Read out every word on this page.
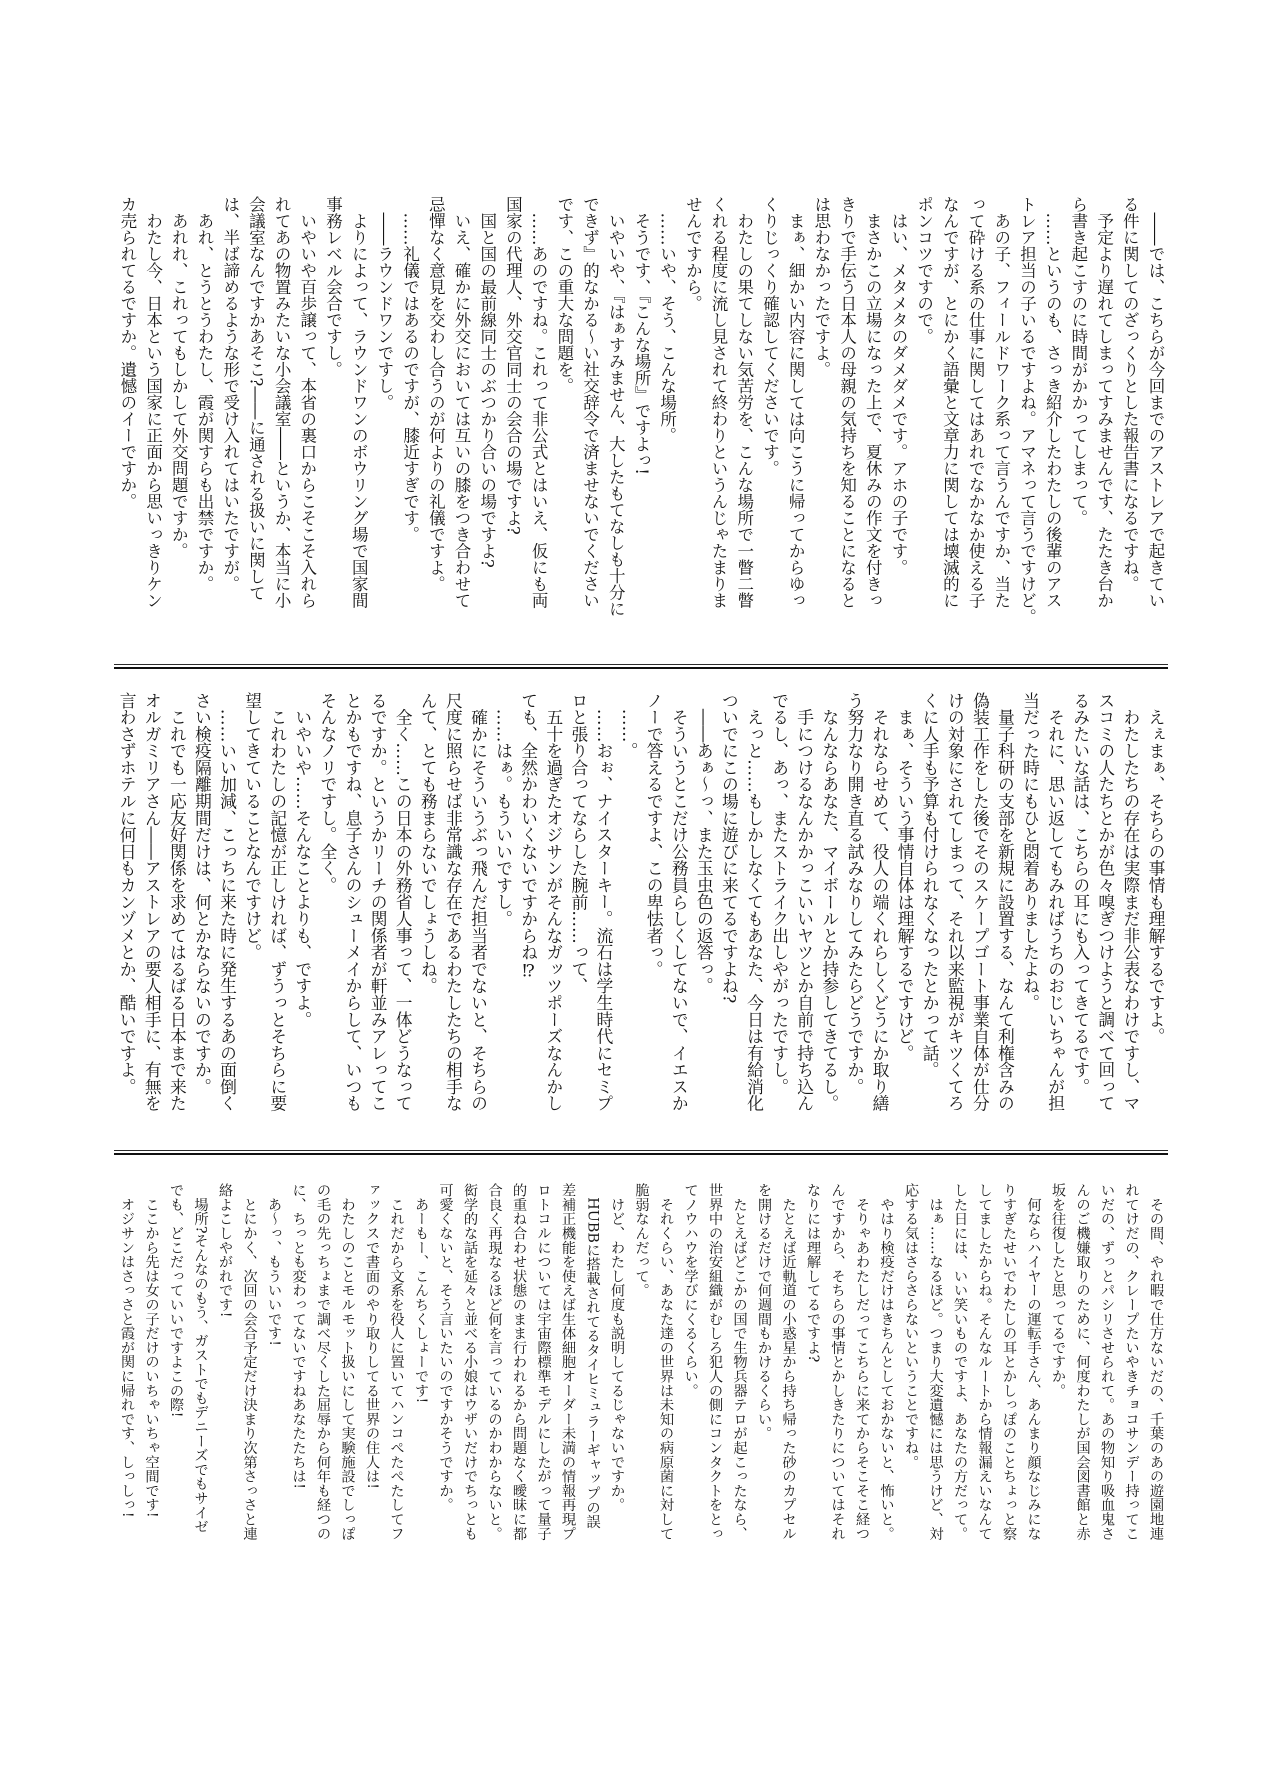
　――では、こちらが今回までのアストレアで起きてい

る件に関してのざっくりとした報告書になるですね。

　予定より遅れてしまってすみませんです、たたき台か

ら書き起こすのに時間がかかってしまって。

　……というのも、さっき紹介したわたしの後輩のアス

トレア担当の子いるですよね。アマネって言うですけど。

　あの子、フィールドワーク系って言うんですか、当た

って砕ける系の仕事に関してはあれでなかなか使える子

なんですが、とにかく語彙と文章力に関しては壊滅的に

ポンコツですので。

　はい、メタメタのダメダメです。アホの子です。

　まさかこの立場になった上で、夏休みの作文を付きっ

きりで手伝う日本人の母親の気持ちを知ることになると

は思わなかったですよ。

　まぁ、細かい内容に関しては向こうに帰ってからゆっ

くりじっくり確認してくださいです。

　わたしの果てしない気苦労を、こんな場所で一瞥二瞥

くれる程度に流し見されて終わりというんじゃたまりま

せんですから。

　……いや、そう、こんな場所。

　そうです、『こんな場所』ですよっ!

　いやいや、『はぁすみません、大したもてなしも十分に

できず』的なかる〜い社交辞令で済ませないでください

です、この重大な問題を。

　……あのですね。これって非公式とはいえ、仮にも両

国家の代理人、外交官同士の会合の場ですよ?

　国と国の最前線同士のぶつかり合いの場ですよ?

　いえ、確かに外交においては互いの膝をつき合わせて

忌憚なく意見を交わし合うのが何よりの礼儀ですよ。

　……礼儀ではあるのですが、膝近すぎです。

　――ラウンドワンですし。

　よりによって、ラウンドワンのボウリング場で国家間

事務レベル会合ですし。

　いやいや百歩譲って、本省の裏口からこそこそ入れら

れてあの物置みたいな小会議室――というか、本当に小

会議室なんですかあそこ?――に通される扱いに関して

は、半ば諦めるような形で受け入れてはいたですが。

　あれ、とうとうわたし、霞が関すらも出禁ですか。

　あれれ、これってもしかして外交問題ですか。

　わたし今、日本という国家に正面から思いっきりケン

カ売られてるですか。遺憾のイーですか。

　えぇまぁ、そちらの事情も理解するですよ。

　わたしたちの存在は実際まだ非公表なわけですし、マ

スコミの人たちとかが色々嗅ぎつけようと調べて回って

るみたいな話は、こちらの耳にも入ってきてるです。

　それに、思い返してもみればうちのおじいちゃんが担

当だった時にもひと悶着ありましたよね。

　量子科研の支部を新規に設置する、なんて利権含みの

偽装工作をした後でそのスケープゴート事業自体が仕分

けの対象にされてしまって、それ以来監視がキツくてろ

くに人手も予算も付けられなくなったとかって話。

　まぁ、そういう事情自体は理解するですけど。

　それならせめて、役人の端くれらしくどうにか取り繕

う努力なり開き直る試みなりしてみたらどうですか。

　なんならあなた、マイボールとか持参してきてるし。

　手につけるなんかかっこいいヤツとか自前で持ち込ん

でるし、あっ、またストライク出しやがったですし。

　えっと……もしかしなくてもあなた、今日は有給消化

ついでにこの場に遊びに来てるですよね?

　――あぁ〜っ、また玉虫色の返答っ。

　そういうとこだけ公務員らしくしてないで、イエスか

ノーで答えるですよ、この卑怯者っ。

　……。

　……おぉ、ナイスターキー。流石は学生時代にセミプ

ロと張り合ってならした腕前……って、

　五十を過ぎたオジサンがそんなガッツポーズなんかし

ても、全然かわいくないですからね⁉

　……はぁ。もういいですし。

　確かにそういうぶっ飛んだ担当者でないと、そちらの

尺度に照らせば非常識な存在であるわたしたちの相手な

んて、とても務まらないでしょうしね。

　全く……この日本の外務省人事って、一体どうなって

るですか。というかリーチの関係者が軒並みアレってこ

とかもですね、息子さんのシューメイからして、いつも

そんなノリですし。全く。

　いやいや……そんなことよりも、ですよ。

　これわたしの記憶が正しければ、ずうっとそちらに要

望してきていることなんですけど。

　……いい加減、こっちに来た時に発生するあの面倒く

さい検疫隔離期間だけは、何とかならないのですか。

　これでも一応友好関係を求めてはるばる日本まで来た

オルガミリアさん――アストレアの要人相手に、有無を

言わさずホテルに何日もカンヅメとか、酷いですよ。

　その間、やれ暇で仕方ないだの、千葉のあの遊園地連

れてけだの、クレープたいやきチョコサンデー持ってこ

いだの、ずっとパシリさせられて。あの物知り吸血鬼さ

んのご機嫌取りのために、何度わたしが国会図書館と赤

坂を往復したと思ってるですか。

　何ならハイヤーの運転手さん、あんまり顔なじみにな

りすぎたせいでわたしの耳とかしっぽのことちょっと察

してましたからね。そんなルートから情報漏えいなんて

した日には、いい笑いものですよ、あなたの方だって。

　はぁ……なるほど。つまり大変遺憾には思うけど、対

応する気はさらさらないということですね。

　やはり検疫だけはきちんとしておかないと、怖いと。

　そりゃあわたしだってこちらに来てからそこそこ経つ

んですから、そちらの事情とかしきたりについてはそれ

なりには理解してるですよ?

　たとえば近軌道の小惑星から持ち帰った砂のカプセル

を開けるだけで何週間もかけるくらい。

　たとえばどこかの国で生物兵器テロが起こったなら、

世界中の治安組織がむしろ犯人の側にコンタクトをとっ

てノウハウを学びにくるくらい。

　それくらい、あなた達の世界は未知の病原菌に対して

脆弱なんだって。

　けど、わたし何度も説明してるじゃないですか。

　HUBBに搭載されてるタイヒミュラーギャップの誤

差補正機能を使えば生体細胞オーダー未満の情報再現プ

ロトコルについては宇宙際標準モデルにしたがって量子

的重ね合わせ状態のまま行われるから問題なく曖昧に都

合良く再現なるほど何を言っているのかわからないと。

衒学的な話を延々と並べる小娘はウザいだけでちっとも

可愛くないと、そう言いたいのですかそうですか。

　あーもー、こんちくしょーです!

　これだから文系を役人に置いてハンコぺたぺたしてフ

ァックスで書面のやり取りしてる世界の住人は!

　わたしのことモルモット扱いにして実験施設でしっぽ

の毛の先っちょまで調べ尽くした屈辱から何年も経つの

に、ちっとも変わってないですねあなたたちは!

　あ〜っ、もういいです!

　とにかく、次回の会合予定だけ決まり次第さっさと連

絡よこしやがれです!

　場所?そんなのもう、ガストでもデニーズでもサイゼ

でも、どこだっていいですよこの際!

　ここから先は女の子だけのいちゃいちゃ空間です!

　オジサンはさっさと霞が関に帰れです、しっしっ!
